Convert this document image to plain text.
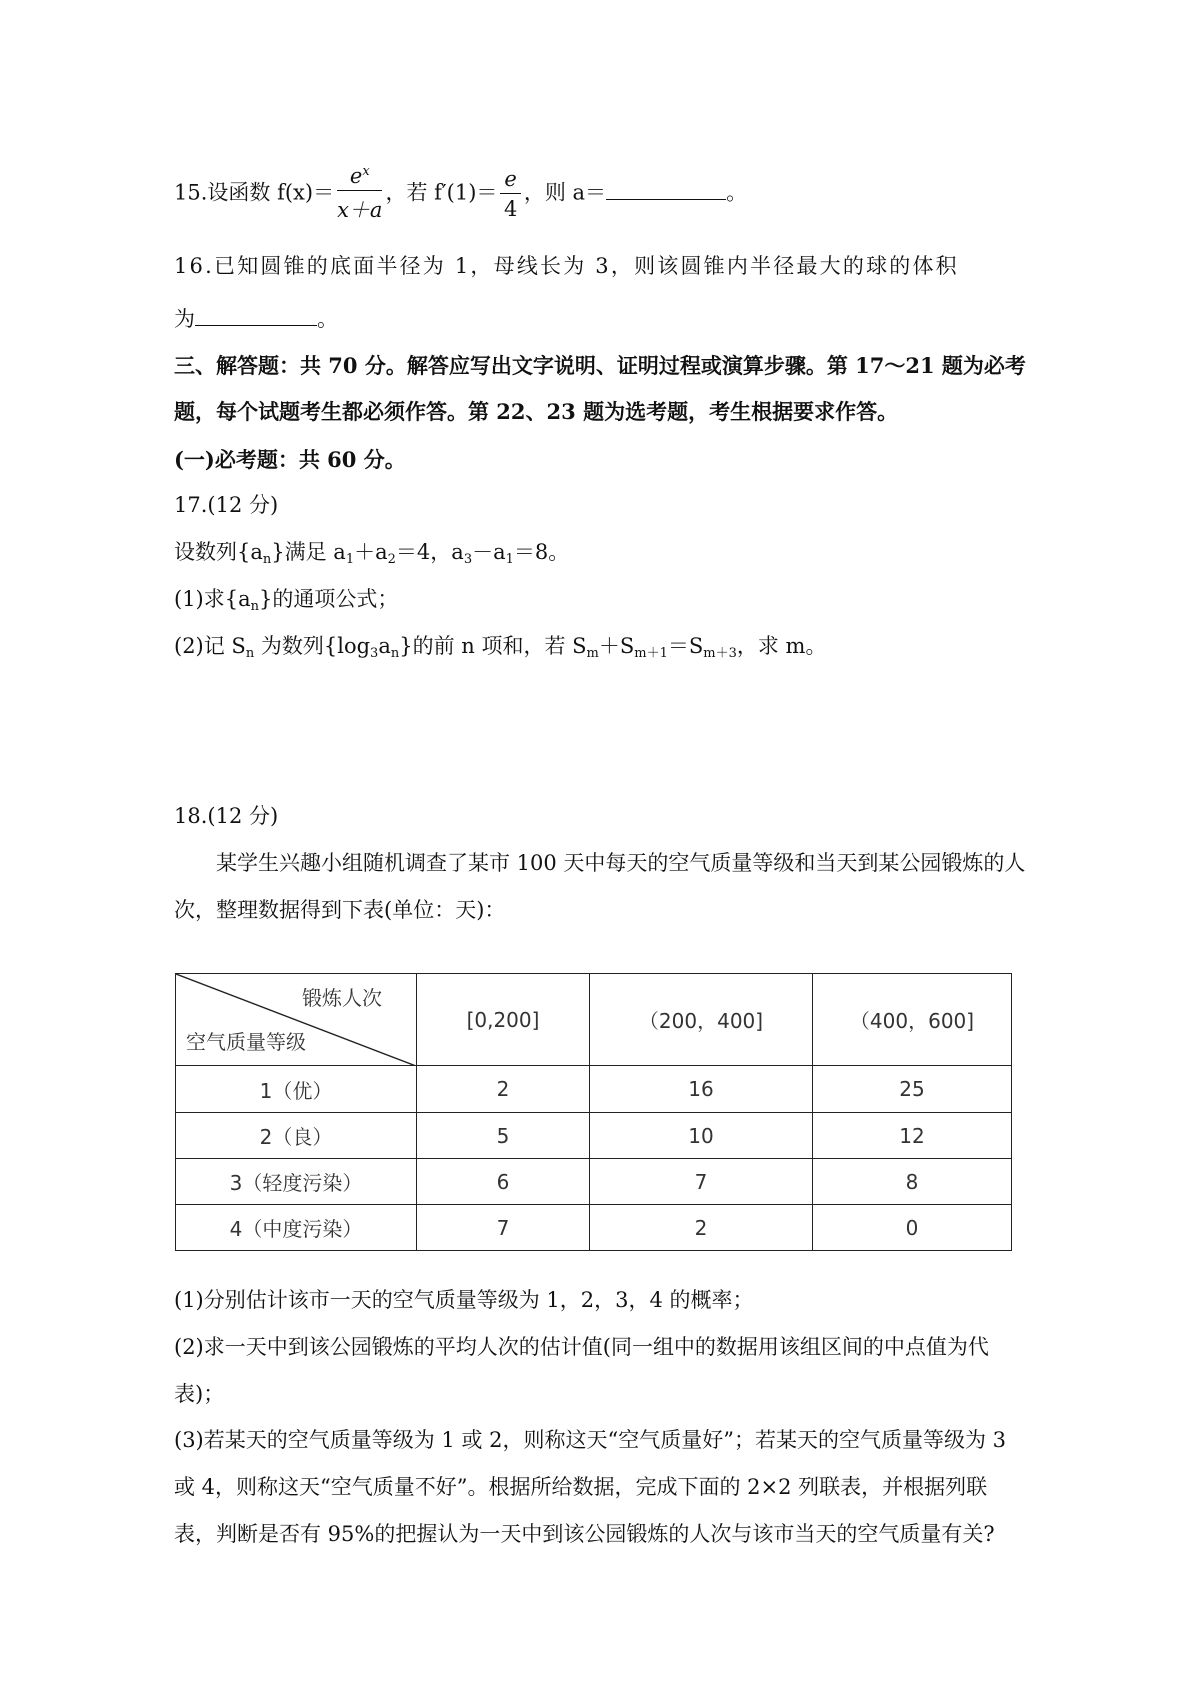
15.设函数 $f(x)= \frac{e^x}{x+a}$ ，若 $f'(1)= \frac{e}{4}$ ，则 a＝	。
16.已知圆锥的底面半径为 1，母线长为 3，则该圆锥内半径最大的球的体积
为	。
三、解答题：共 70 分。解答应写出文字说明、证明过程或演算步骤。第 17～21 题为必考
题，每个试题考生都必须作答。第 22、23 题为选考题，考生根据要求作答。
(一)必考题：共 60 分。
17.(12 分)
设数列$\{a_n\}$满足 $a_1+a_2=4$，$a_3-a_1=8$。
(1)求$\{a_n\}$的通项公式；
(2)记 $S_n$ 为数列$\{\log_3a_n\}$的前 n 项和，若 $S_m+S_{m+1}=S_{m+3}$，求 m。
18.(12 分)
某学生兴趣小组随机调查了某市 100 天中每天的空气质量等级和当天到某公园锻炼的人
次，整理数据得到下表(单位：天)：
锻炼人次
空气质量等级	[0,200]	（200，400]	（400，600]
1（优）	2	16	25
2（良）	5	10	12
3（轻度污染）	6	7	8
4（中度污染）	7	2	0
(1)分别估计该市一天的空气质量等级为 1，2，3，4 的概率；
(2)求一天中到该公园锻炼的平均人次的估计值(同一组中的数据用该组区间的中点值为代
表)；
(3)若某天的空气质量等级为 1 或 2，则称这天“空气质量好”；若某天的空气质量等级为 3
或 4，则称这天“空气质量不好”。根据所给数据，完成下面的 2×2 列联表，并根据列联
表，判断是否有 95%的把握认为一天中到该公园锻炼的人次与该市当天的空气质量有关?
